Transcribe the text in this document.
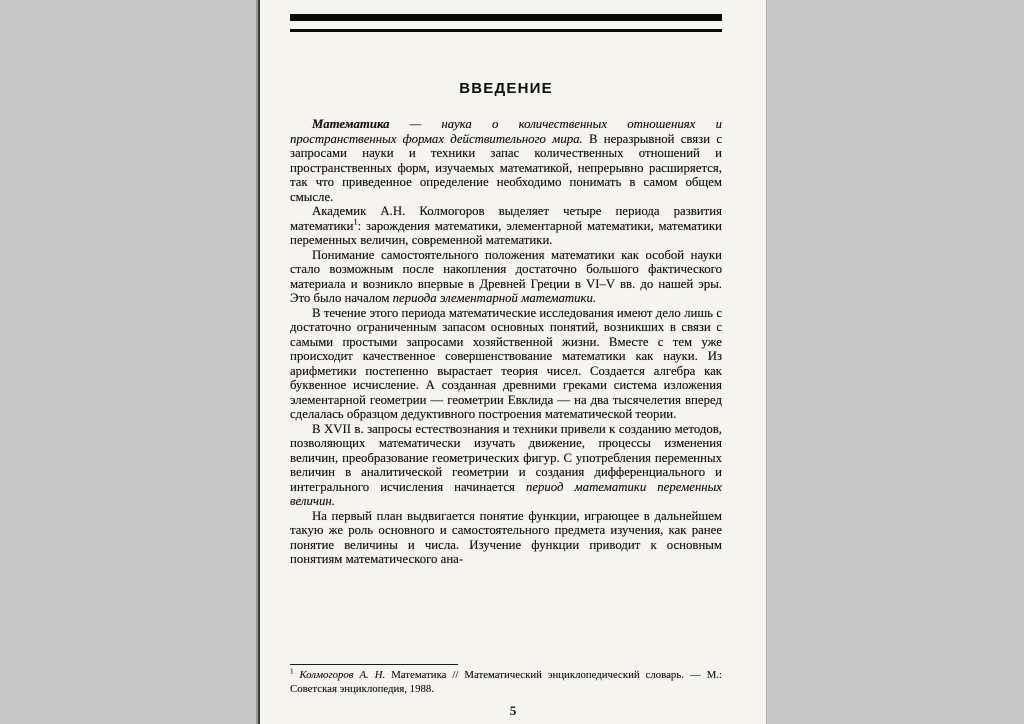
ВВЕДЕНИЕ

Математика — наука о количественных отношениях и пространственных формах действительного мира. В неразрывной связи с запросами науки и техники запас количественных отношений и пространственных форм, изучаемых математикой, непрерывно расширяется, так что приведенное определение необходимо понимать в самом общем смысле.

Академик А.Н. Колмогоров выделяет четыре периода развития математики$^1$: зарождения математики, элементарной математики, математики переменных величин, современной математики.

Понимание самостоятельного положения математики как особой науки стало возможным после накопления достаточно большого фактического материала и возникло впервые в Древней Греции в VI–V вв. до нашей эры. Это было началом периода элементарной математики.

В течение этого периода математические исследования имеют дело лишь с достаточно ограниченным запасом основных понятий, возникших в связи с самыми простыми запросами хозяйственной жизни. Вместе с тем уже происходит качественное совершенствование математики как науки. Из арифметики постепенно вырастает теория чисел. Создается алгебра как буквенное исчисление. А созданная древними греками система изложения элементарной геометрии — геометрии Евклида — на два тысячелетия вперед сделалась образцом дедуктивного построения математической теории.

В XVII в. запросы естествознания и техники привели к созданию методов, позволяющих математически изучать движение, процессы изменения величин, преобразование геометрических фигур. С употребления переменных величин в аналитической геометрии и создания дифференциального и интегрального исчисления начинается период математики переменных величин.

На первый план выдвигается понятие функции, играющее в дальнейшем такую же роль основного и самостоятельного предмета изучения, как ранее понятие величины и числа. Изучение функции приводит к основным понятиям математического ана-

$^1$ Колмогоров А. Н. Математика // Математический энциклопедический словарь. — М.: Советская энциклопедия, 1988.
5
